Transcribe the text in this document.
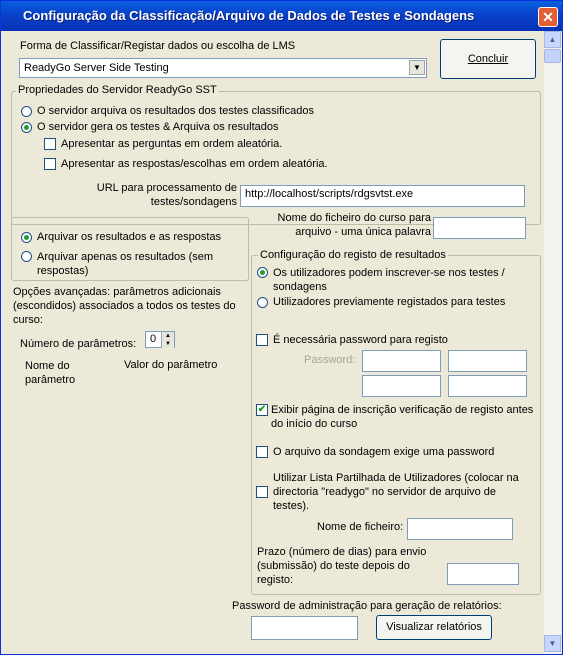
Configuração da Classificação/Arquivo de Dados de Testes e Sondagens	✕
Forma de Classificar/Registar dados ou escolha de LMS
ReadyGo Server Side Testing	▼
Concluir
Propriedades do Servidor ReadyGo SST
O servidor arquiva os resultados dos testes classificados
O servidor gera os testes & Arquiva os resultados
Apresentar as perguntas em ordem aleatória.
Apresentar as respostas/escolhas em ordem aleatória.
URL para processamento de testes/sondagens
http://localhost/scripts/rdgsvtst.exe
Arquivar os resultados e as respostas
Arquivar apenas os resultados (sem respostas)
Nome do ficheiro do curso para arquivo - uma única palavra
Opções avançadas: parâmetros adicionais (escondidos) associados a todos os testes do curso:
Número de parâmetros: 0	▲
▼
Nome do parâmetro
Valor do parâmetro
Configuração do registo de resultados
Os utilizadores podem inscrever-se nos testes / sondagens
Utilizadores previamente registados para testes
É necessária password para registo
Password:
✔ Exibir página de inscrição verificação de registo antes do início do curso
O arquivo da sondagem exige uma password
Utilizar Lista Partilhada de Utilizadores (colocar na directoria "readygo" no servidor de arquivo de testes).
Nome de ficheiro:
Prazo (número de dias) para envio (submissão) do teste depois do registo:
Password de administração para geração de relatórios:
Visualizar relatórios
▲
▼
